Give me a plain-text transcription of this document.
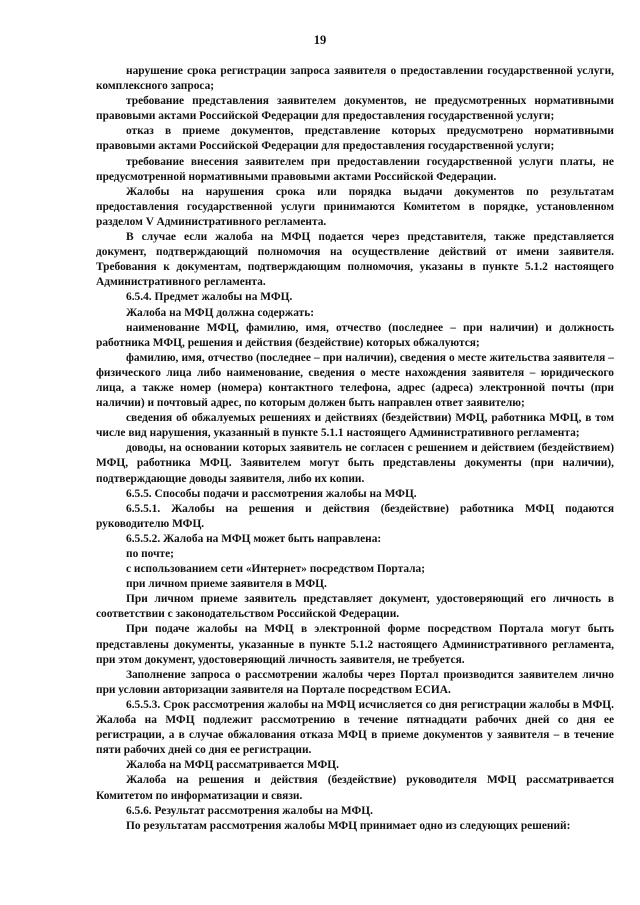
19

нарушение срока регистрации запроса заявителя о предоставлении государственной услуги, комплексного запроса;

требование представления заявителем документов, не предусмотренных нормативными правовыми актами Российской Федерации для предоставления государственной услуги;

отказ в приеме документов, представление которых предусмотрено нормативными правовыми актами Российской Федерации для предоставления государственной услуги;

требование внесения заявителем при предоставлении государственной услуги платы, не предусмотренной нормативными правовыми актами Российской Федерации.

Жалобы на нарушения срока или порядка выдачи документов по результатам предоставления государственной услуги принимаются Комитетом в порядке, установленном разделом V Административного регламента.

В случае если жалоба на МФЦ подается через представителя, также представляется документ, подтверждающий полномочия на осуществление действий от имени заявителя. Требования к документам, подтверждающим полномочия, указаны в пункте 5.1.2 настоящего Административного регламента.

6.5.4. Предмет жалобы на МФЦ.

Жалоба на МФЦ должна содержать:

наименование МФЦ, фамилию, имя, отчество (последнее – при наличии) и должность работника МФЦ, решения и действия (бездействие) которых обжалуются;

фамилию, имя, отчество (последнее – при наличии), сведения о месте жительства заявителя – физического лица либо наименование, сведения о месте нахождения заявителя – юридического лица, а также номер (номера) контактного телефона, адрес (адреса) электронной почты (при наличии) и почтовый адрес, по которым должен быть направлен ответ заявителю;

сведения об обжалуемых решениях и действиях (бездействии) МФЦ, работника МФЦ, в том числе вид нарушения, указанный в пункте 5.1.1 настоящего Административного регламента;

доводы, на основании которых заявитель не согласен с решением и действием (бездействием) МФЦ, работника МФЦ. Заявителем могут быть представлены документы (при наличии), подтверждающие доводы заявителя, либо их копии.

6.5.5. Способы подачи и рассмотрения жалобы на МФЦ.

6.5.5.1. Жалобы на решения и действия (бездействие) работника МФЦ подаются руководителю МФЦ.

6.5.5.2. Жалоба на МФЦ может быть направлена:

по почте;

с использованием сети «Интернет» посредством Портала;

при личном приеме заявителя в МФЦ.

При личном приеме заявитель представляет документ, удостоверяющий его личность в соответствии с законодательством Российской Федерации.

При подаче жалобы на МФЦ в электронной форме посредством Портала могут быть представлены документы, указанные в пункте 5.1.2 настоящего Административного регламента, при этом документ, удостоверяющий личность заявителя, не требуется.

Заполнение запроса о рассмотрении жалобы через Портал производится заявителем лично при условии авторизации заявителя на Портале посредством ЕСИА.

6.5.5.3. Срок рассмотрения жалобы на МФЦ исчисляется со дня регистрации жалобы в МФЦ. Жалоба на МФЦ подлежит рассмотрению в течение пятнадцати рабочих дней со дня ее регистрации, а в случае обжалования отказа МФЦ в приеме документов у заявителя – в течение пяти рабочих дней со дня ее регистрации.

Жалоба на МФЦ рассматривается МФЦ.

Жалоба на решения и действия (бездействие) руководителя МФЦ рассматривается Комитетом по информатизации и связи.

6.5.6. Результат рассмотрения жалобы на МФЦ.

По результатам рассмотрения жалобы МФЦ принимает одно из следующих решений:
